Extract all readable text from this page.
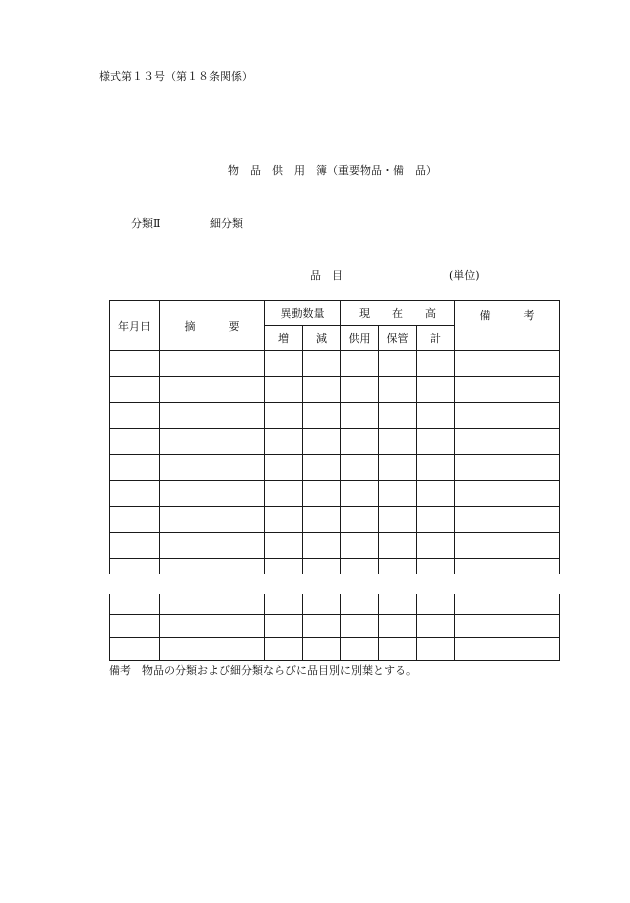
様式第１３号（第１８条関係）
物　品　供　用　簿（重要物品・備　品）
分類Ⅱ	細分類
品　目	(単位)
年月日	摘　　　要	異動数量		現　　在　　高			備　　　考
		増	減	供用	保管	計	

備考　物品の分類および細分類ならびに品目別に別葉とする。
